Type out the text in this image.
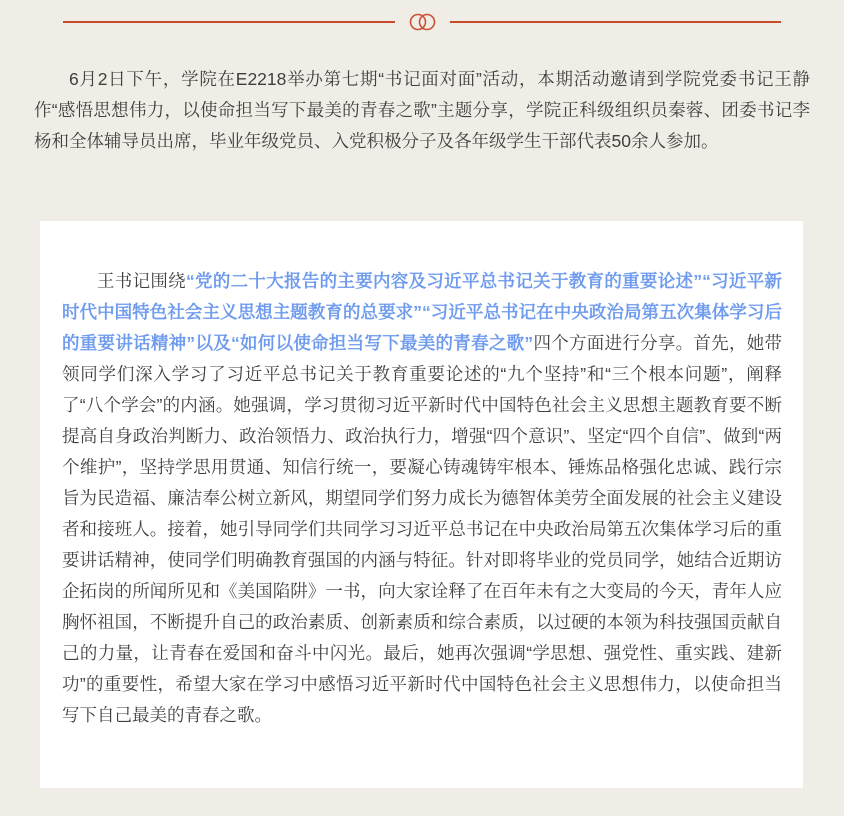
6月2日下午，学院在E2218举办第七期“书记面对面”活动，本期活动邀请到学院党委书记王静作“感悟思想伟力，以使命担当写下最美的青春之歌”主题分享，学院正科级组织员秦蓉、团委书记李杨和全体辅导员出席，毕业年级党员、入党积极分子及各年级学生干部代表50余人参加。

王书记围绕“党的二十大报告的主要内容及习近平总书记关于教育的重要论述”“习近平新时代中国特色社会主义思想主题教育的总要求”“习近平总书记在中央政治局第五次集体学习后的重要讲话精神”以及“如何以使命担当写下最美的青春之歌”四个方面进行分享。首先，她带领同学们深入学习了习近平总书记关于教育重要论述的“九个坚持”和“三个根本问题”，阐释了“八个学会”的内涵。她强调，学习贯彻习近平新时代中国特色社会主义思想主题教育要不断提高自身政治判断力、政治领悟力、政治执行力，增强“四个意识”、坚定“四个自信”、做到“两个维护”，坚持学思用贯通、知信行统一，要凝心铸魂铸牢根本、锤炼品格强化忠诚、践行宗旨为民造福、廉洁奉公树立新风，期望同学们努力成长为德智体美劳全面发展的社会主义建设者和接班人。接着，她引导同学们共同学习习近平总书记在中央政治局第五次集体学习后的重要讲话精神，使同学们明确教育强国的内涵与特征。针对即将毕业的党员同学，她结合近期访企拓岗的所闻所见和《美国陷阱》一书，向大家诠释了在百年未有之大变局的今天，青年人应胸怀祖国，不断提升自己的政治素质、创新素质和综合素质，以过硬的本领为科技强国贡献自己的力量，让青春在爱国和奋斗中闪光。最后，她再次强调“学思想、强党性、重实践、建新功”的重要性，希望大家在学习中感悟习近平新时代中国特色社会主义思想伟力，以使命担当写下自己最美的青春之歌。
